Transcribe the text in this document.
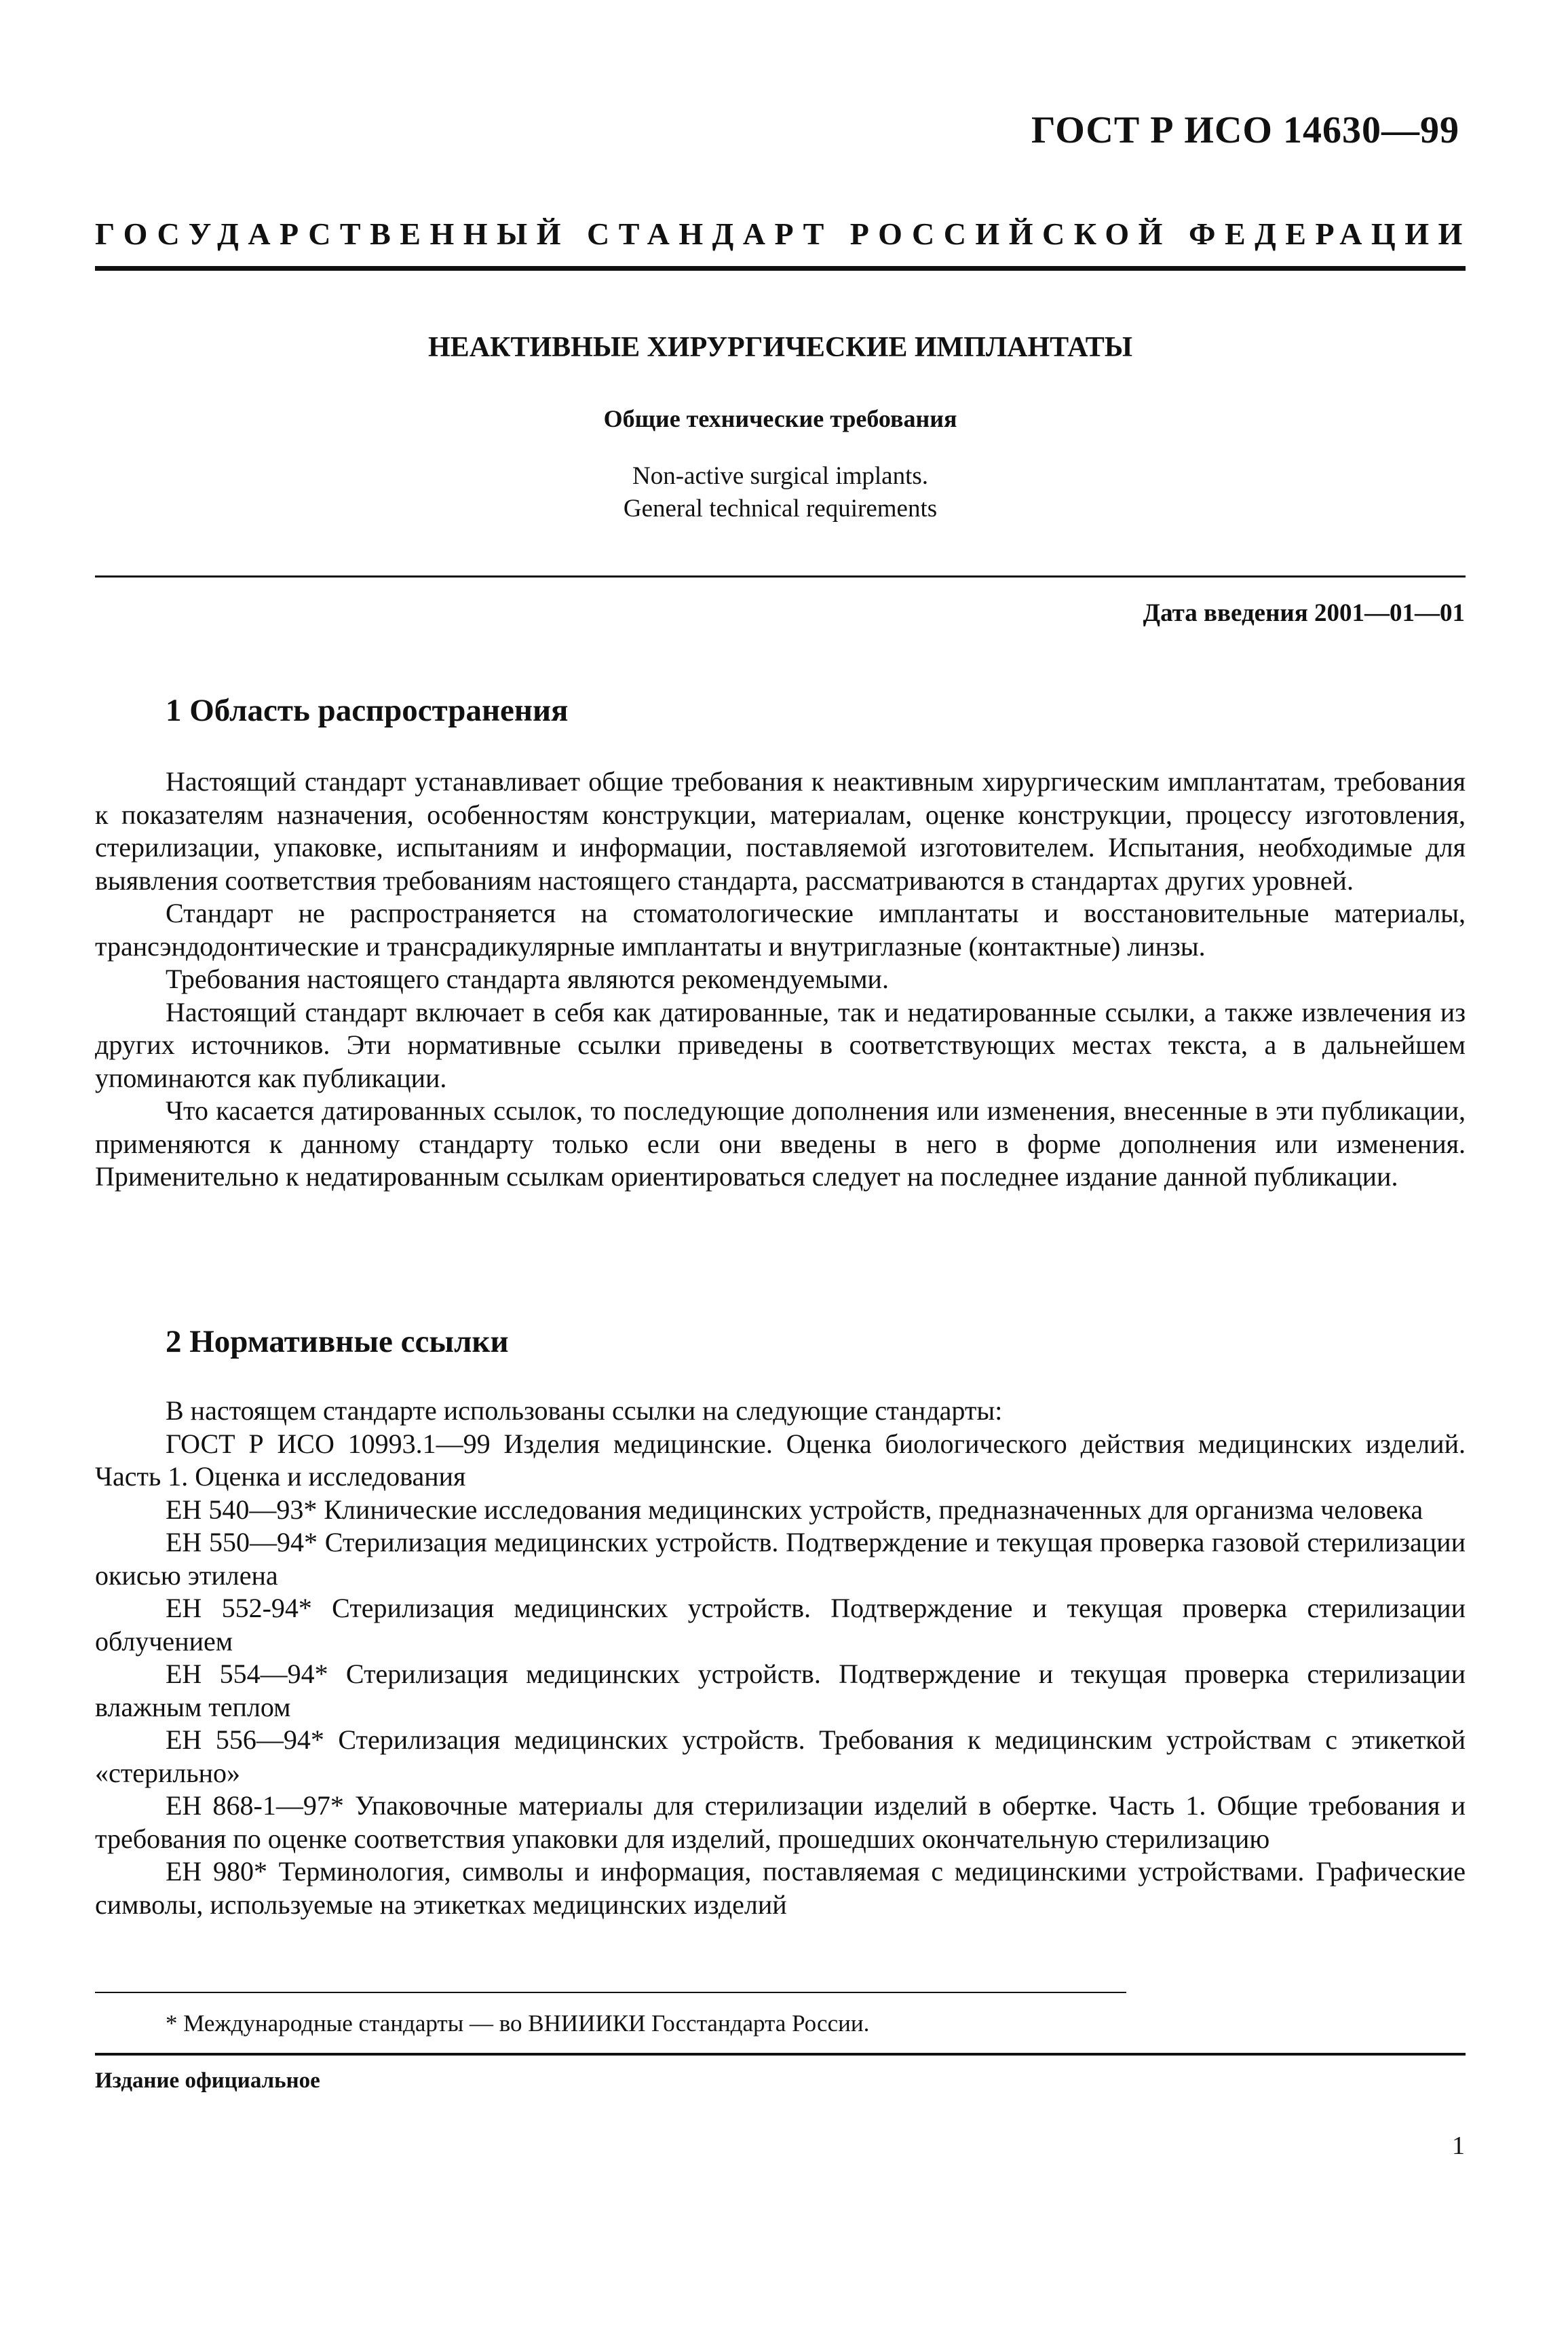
ГОСТ Р ИСО 14630—99
ГОСУДАРСТВЕННЫЙ СТАНДАРТ РОССИЙСКОЙ ФЕДЕРАЦИИ
НЕАКТИВНЫЕ ХИРУРГИЧЕСКИЕ ИМПЛАНТАТЫ
Общие технические требования
Non-active surgical implants.
General technical requirements
Дата введения 2001—01—01
1 Область распространения

Настоящий стандарт устанавливает общие требования к неактивным хирургическим имплантатам, требования к показателям назначения, особенностям конструкции, материалам, оценке конструкции, процессу изготовления, стерилизации, упаковке, испытаниям и информации, поставляемой изготовителем. Испытания, необходимые для выявления соответствия требованиям настоящего стандарта, рассматриваются в стандартах других уровней.

Стандарт не распространяется на стоматологические имплантаты и восстановительные материалы, трансэндодонтические и трансрадикулярные имплантаты и внутриглазные (контактные) линзы.

Требования настоящего стандарта являются рекомендуемыми.

Настоящий стандарт включает в себя как датированные, так и недатированные ссылки, а также извлечения из других источников. Эти нормативные ссылки приведены в соответствующих местах текста, а в дальнейшем упоминаются как публикации.

Что касается датированных ссылок, то последующие дополнения или изменения, внесенные в эти публикации, применяются к данному стандарту только если они введены в него в форме дополнения или изменения. Применительно к недатированным ссылкам ориентироваться следует на последнее издание данной публикации.

2 Нормативные ссылки

В настоящем стандарте использованы ссылки на следующие стандарты:

ГОСТ Р ИСО 10993.1—99 Изделия медицинские. Оценка биологического действия медицинских изделий. Часть 1. Оценка и исследования

ЕН 540—93* Клинические исследования медицинских устройств, предназначенных для организма человека

ЕН 550—94* Стерилизация медицинских устройств. Подтверждение и текущая проверка газовой стерилизации окисью этилена

ЕН 552-94* Стерилизация медицинских устройств. Подтверждение и текущая проверка стерилизации облучением

ЕН 554—94* Стерилизация медицинских устройств. Подтверждение и текущая проверка стерилизации влажным теплом

ЕН 556—94* Стерилизация медицинских устройств. Требования к медицинским устройствам с этикеткой «стерильно»

ЕН 868-1—97* Упаковочные материалы для стерилизации изделий в обертке. Часть 1. Общие требования и требования по оценке соответствия упаковки для изделий, прошедших окончательную стерилизацию

ЕН 980* Терминология, символы и информация, поставляемая с медицинскими устройствами. Графические символы, используемые на этикетках медицинских изделий

* Международные стандарты — во ВНИИИКИ Госстандарта России.
Издание официальное
1
